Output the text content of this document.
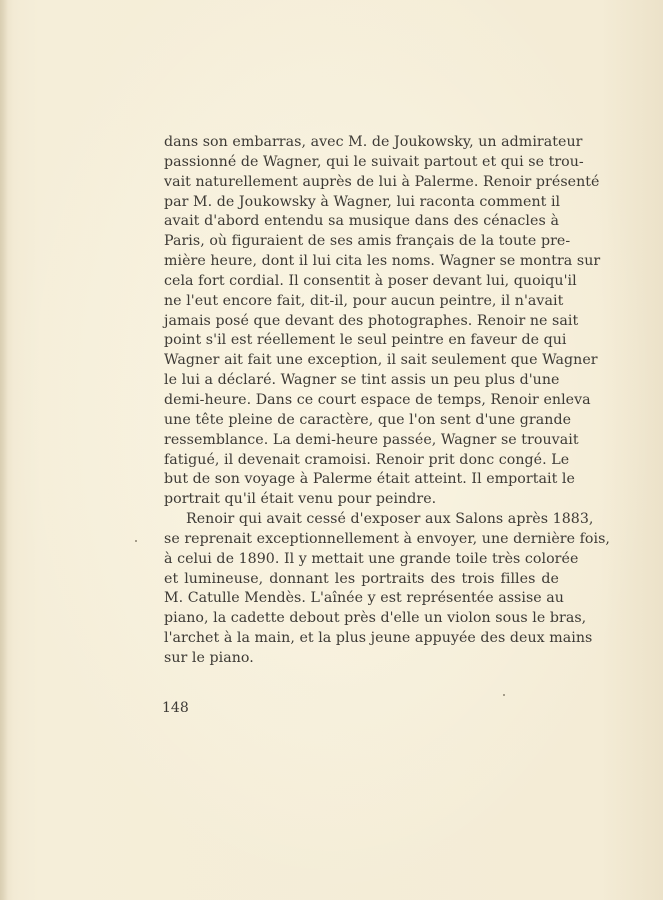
dans son embarras, avec M. de Joukowsky, un admirateur
passionné de Wagner, qui le suivait partout et qui se trou-
vait naturellement auprès de lui à Palerme. Renoir présenté
par M. de Joukowsky à Wagner, lui raconta comment il
avait d'abord entendu sa musique dans des cénacles à
Paris, où figuraient de ses amis français de la toute pre-
mière heure, dont il lui cita les noms. Wagner se montra sur
cela fort cordial. Il consentit à poser devant lui, quoiqu'il
ne l'eut encore fait, dit-il, pour aucun peintre, il n'avait
jamais posé que devant des photographes. Renoir ne sait
point s'il est réellement le seul peintre en faveur de qui
Wagner ait fait une exception, il sait seulement que Wagner
le lui a déclaré. Wagner se tint assis un peu plus d'une
demi-heure. Dans ce court espace de temps, Renoir enleva
une tête pleine de caractère, que l'on sent d'une grande
ressemblance. La demi-heure passée, Wagner se trouvait
fatigué, il devenait cramoisi. Renoir prit donc congé. Le
but de son voyage à Palerme était atteint. Il emportait le
portrait qu'il était venu pour peindre.
Renoir qui avait cessé d'exposer aux Salons après 1883,
se reprenait exceptionnellement à envoyer, une dernière fois,
à celui de 1890. Il y mettait une grande toile très colorée
et lumineuse, donnant les portraits des trois filles de
M. Catulle Mendès. L'aînée y est représentée assise au
piano, la cadette debout près d'elle un violon sous le bras,
l'archet à la main, et la plus jeune appuyée des deux mains
sur le piano.
148
